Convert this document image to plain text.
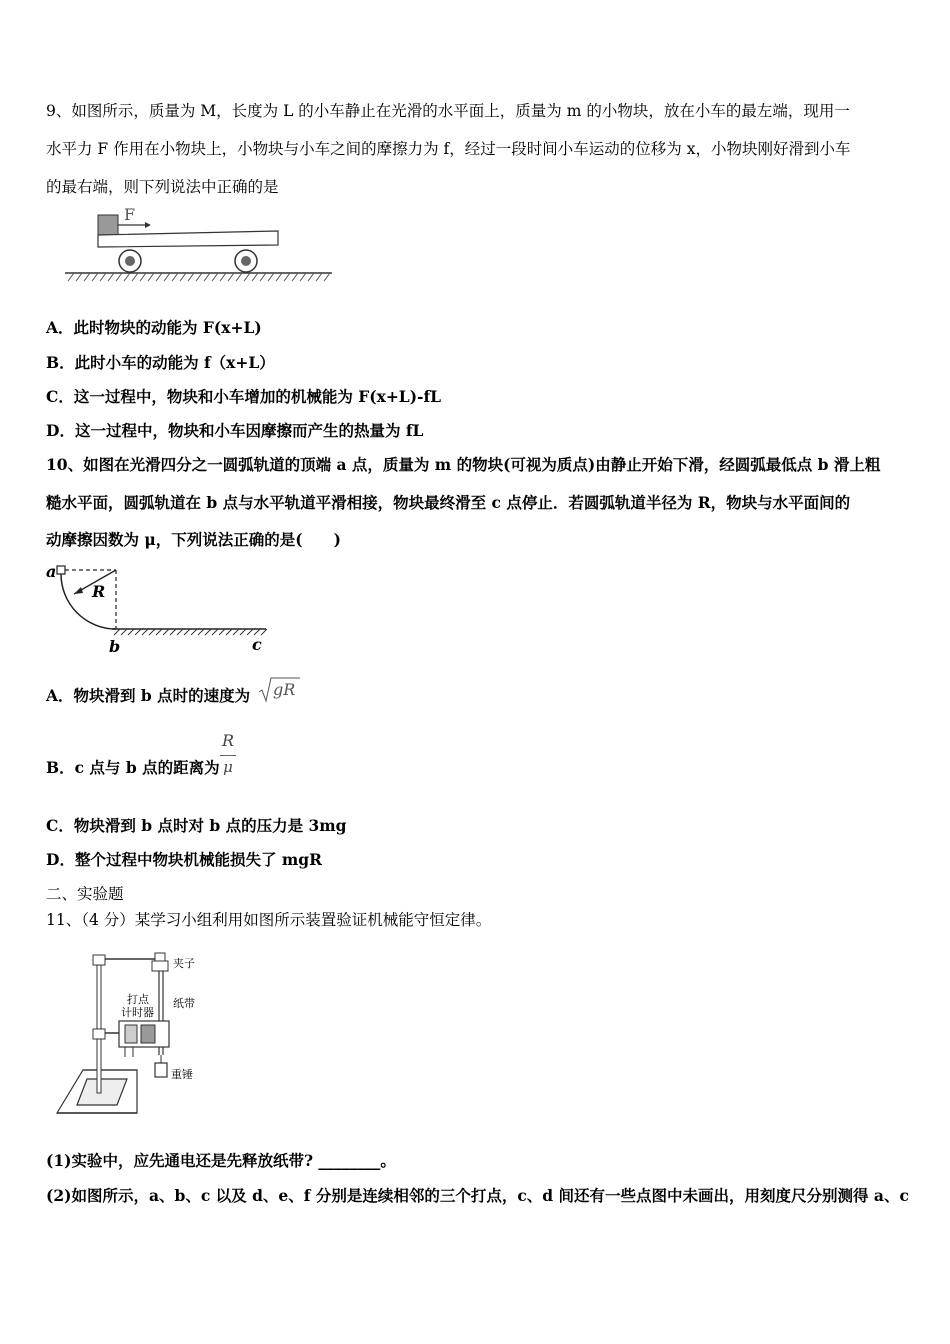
9、如图所示，质量为 M，长度为 L 的小车静止在光滑的水平面上，质量为 m 的小物块，放在小车的最左端，现用一
水平力 F 作用在小物块上，小物块与小车之间的摩擦力为 f，经过一段时间小车运动的位移为 x，小物块刚好滑到小车
的最右端，则下列说法中正确的是
F
A．此时物块的动能为 F(x+L)
B．此时小车的动能为 f（x+L）
C．这一过程中，物块和小车增加的机械能为 F(x+L)-fL
D．这一过程中，物块和小车因摩擦而产生的热量为 fL
10、如图在光滑四分之一圆弧轨道的顶端 a 点，质量为 m 的物块(可视为质点)由静止开始下滑，经圆弧最低点 b 滑上粗
糙水平面，圆弧轨道在 b 点与水平轨道平滑相接，物块最终滑至 c 点停止．若圆弧轨道半径为 R，物块与水平面间的
动摩擦因数为 μ，下列说法正确的是(　　)
R
a
b	c
A．物块滑到 b 点时的速度为 gR
B．c 点与 b 点的距离为
R
μ
C．物块滑到 b 点时对 b 点的压力是 3mg
D．整个过程中物块机械能损失了 mgR
二、实验题
11、（4 分）某学习小组利用如图所示装置验证机械能守恒定律。
夹子
打点
计时器
纸带
重锤
(1)实验中，应先通电还是先释放纸带? ________。
(2)如图所示，a、b、c 以及 d、e、f 分别是连续相邻的三个打点，c、d 间还有一些点图中未画出，用刻度尺分别测得 a、c
